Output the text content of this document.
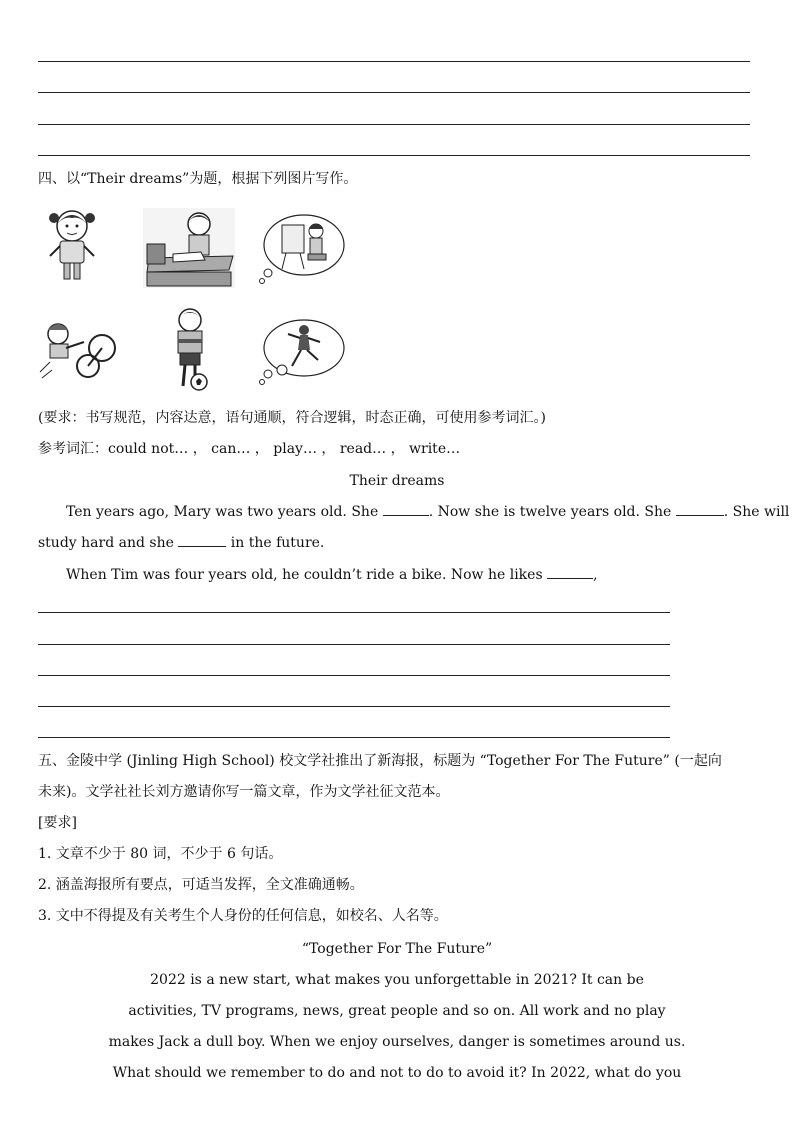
四、以“Their dreams”为题，根据下列图片写作。
(要求：书写规范，内容达意，语句通顺，符合逻辑，时态正确，可使用参考词汇。)
参考词汇：could not… ， can… ， play… ， read… ， write…
Their dreams
Ten years ago, Mary was two years old. She	. Now she is twelve years old. She	. She will
study hard and she	in the future.
When Tim was four years old, he couldn’t ride a bike. Now he likes	,
五、金陵中学 (Jinling High School) 校文学社推出了新海报，标题为 “Together For The Future” (一起向
未来)。文学社社长刘方邀请你写一篇文章，作为文学社征文范本。
[要求]
1. 文章不少于 80 词，不少于 6 句话。
2. 涵盖海报所有要点，可适当发挥，全文准确通畅。
3. 文中不得提及有关考生个人身份的任何信息，如校名、人名等。
“Together For The Future”
2022 is a new start, what makes you unforgettable in 2021? It can be
activities, TV programs, news, great people and so on. All work and no play
makes Jack a dull boy. When we enjoy ourselves, danger is sometimes around us.
What should we remember to do and not to do to avoid it? In 2022, what do you
